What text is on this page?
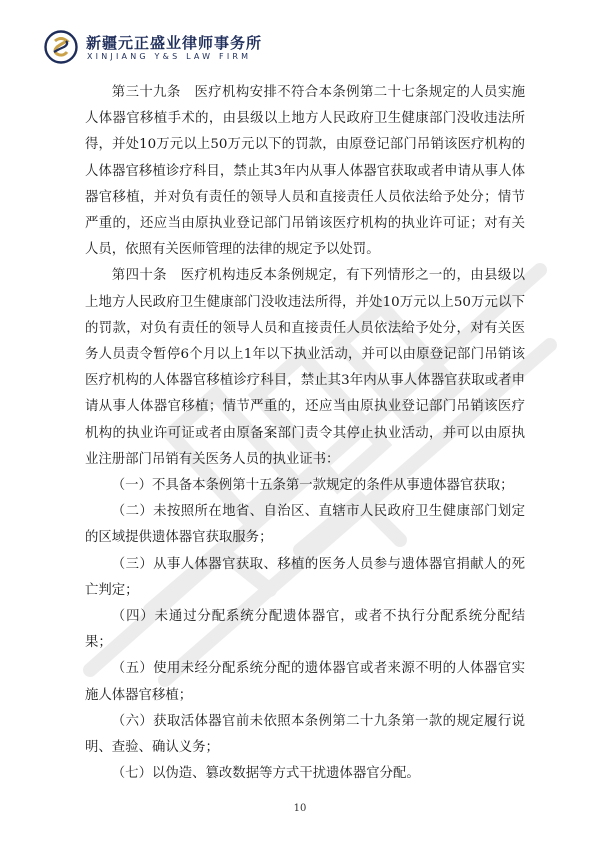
新疆元正盛业律师事务所
XINJIANG Y&S LAW FIRM

第三十九条　医疗机构安排不符合本条例第二十七条规定的人员实施人体器官移植手术的，由县级以上地方人民政府卫生健康部门没收违法所得，并处10万元以上50万元以下的罚款，由原登记部门吊销该医疗机构的人体器官移植诊疗科目，禁止其3年内从事人体器官获取或者申请从事人体器官移植，并对负有责任的领导人员和直接责任人员依法给予处分；情节严重的，还应当由原执业登记部门吊销该医疗机构的执业许可证；对有关人员，依照有关医师管理的法律的规定予以处罚。

第四十条　医疗机构违反本条例规定，有下列情形之一的，由县级以上地方人民政府卫生健康部门没收违法所得，并处10万元以上50万元以下的罚款，对负有责任的领导人员和直接责任人员依法给予处分，对有关医务人员责令暂停6个月以上1年以下执业活动，并可以由原登记部门吊销该医疗机构的人体器官移植诊疗科目，禁止其3年内从事人体器官获取或者申请从事人体器官移植；情节严重的，还应当由原执业登记部门吊销该医疗机构的执业许可证或者由原备案部门责令其停止执业活动，并可以由原执业注册部门吊销有关医务人员的执业证书：

（一）不具备本条例第十五条第一款规定的条件从事遗体器官获取；

（二）未按照所在地省、自治区、直辖市人民政府卫生健康部门划定的区域提供遗体器官获取服务；

（三）从事人体器官获取、移植的医务人员参与遗体器官捐献人的死亡判定；

（四）未通过分配系统分配遗体器官，或者不执行分配系统分配结果；

（五）使用未经分配系统分配的遗体器官或者来源不明的人体器官实施人体器官移植；

（六）获取活体器官前未依照本条例第二十九条第一款的规定履行说明、查验、确认义务；

（七）以伪造、篡改数据等方式干扰遗体器官分配。

10
